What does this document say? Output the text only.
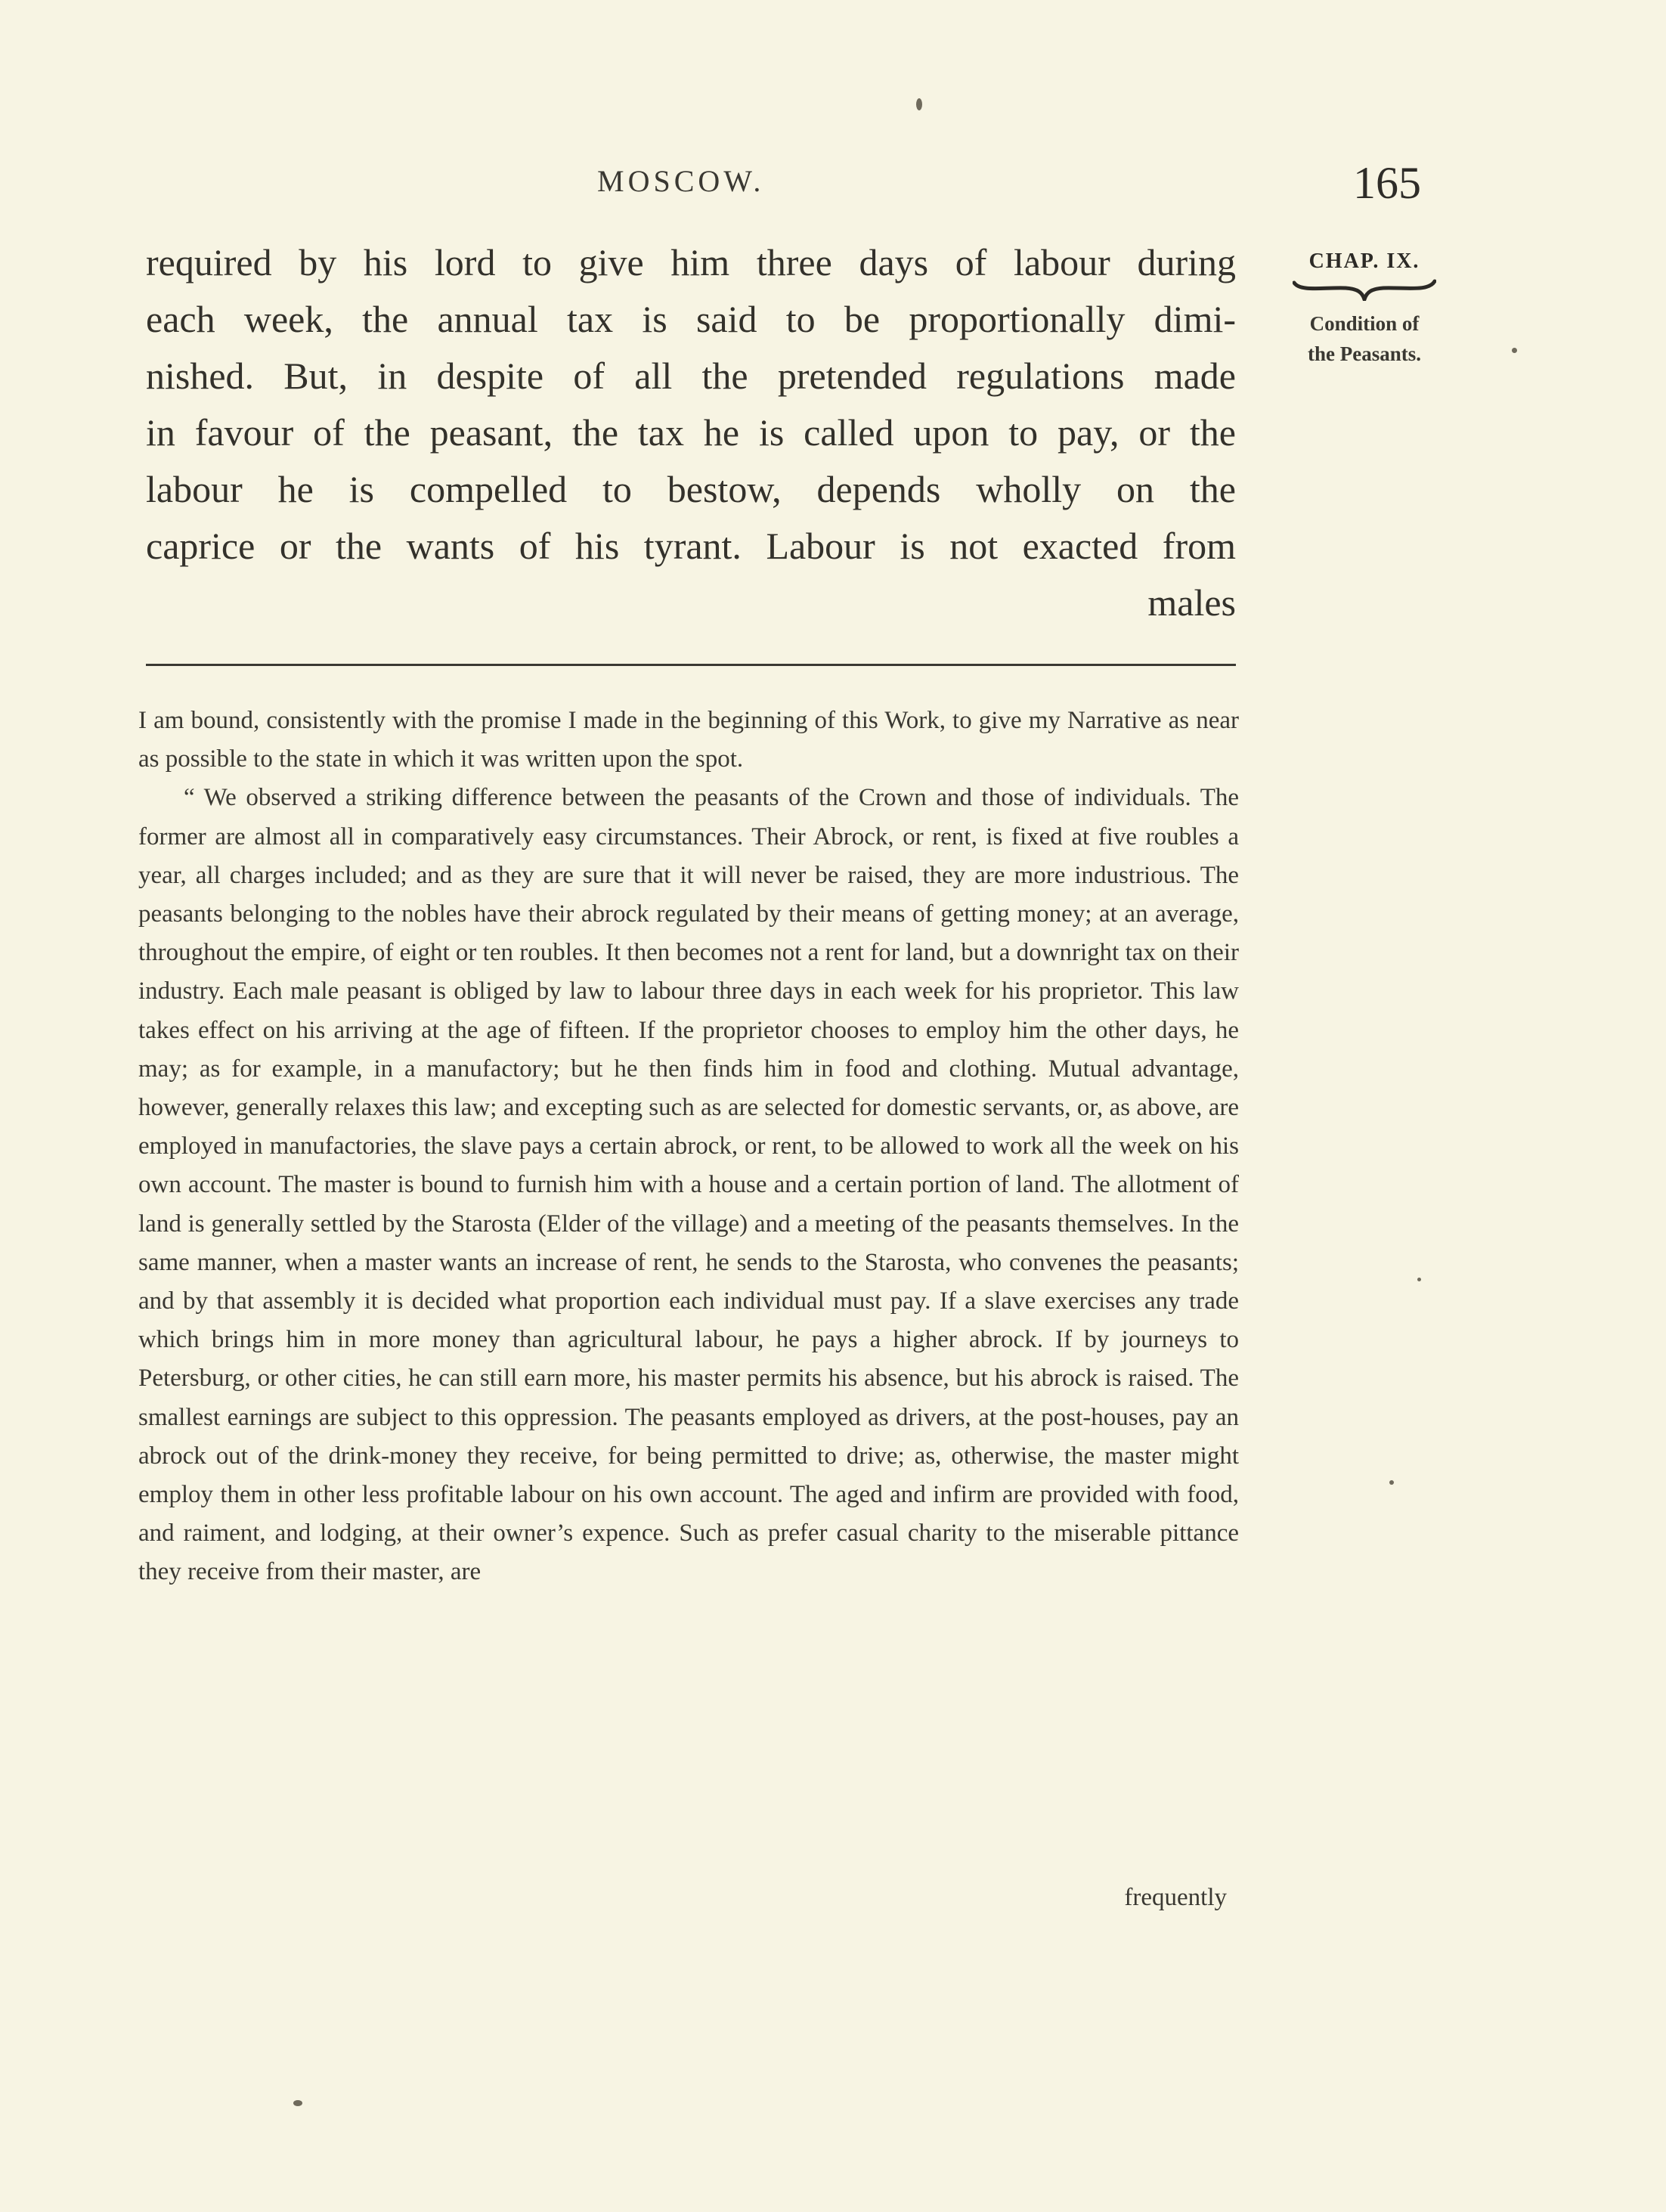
MOSCOW.	165

required by his lord to give him three days of labour during

each week, the annual tax is said to be proportionally dimi-

nished. But, in despite of all the pretended regulations made

in favour of the peasant, the tax he is called upon to pay, or the

labour he is compelled to bestow, depends wholly on the

caprice or the wants of his tyrant. Labour is not exacted from

males
CHAP. IX.
Condition of
the Peasants.

I am bound, consistently with the promise I made in the beginning of this Work, to give my Narrative as near as possible to the state in which it was written upon the spot.

“ We observed a striking difference between the peasants of the Crown and those of individuals. The former are almost all in comparatively easy circumstances. Their Abrock, or rent, is fixed at five roubles a year, all charges included; and as they are sure that it will never be raised, they are more industrious. The peasants belonging to the nobles have their abrock regulated by their means of getting money; at an average, throughout the empire, of eight or ten roubles. It then becomes not a rent for land, but a downright tax on their industry. Each male peasant is obliged by law to labour three days in each week for his proprietor. This law takes effect on his arriving at the age of fifteen. If the proprietor chooses to employ him the other days, he may; as for example, in a manufactory; but he then finds him in food and clothing. Mutual advantage, however, generally relaxes this law; and excepting such as are selected for domestic servants, or, as above, are employed in manufactories, the slave pays a certain abrock, or rent, to be allowed to work all the week on his own account. The master is bound to furnish him with a house and a certain portion of land. The allotment of land is generally settled by the Starosta (Elder of the village) and a meeting of the peasants themselves. In the same manner, when a master wants an increase of rent, he sends to the Starosta, who convenes the peasants; and by that assembly it is decided what proportion each individual must pay. If a slave exercises any trade which brings him in more money than agricultural labour, he pays a higher abrock. If by journeys to Petersburg, or other cities, he can still earn more, his master permits his absence, but his abrock is raised. The smallest earnings are subject to this oppression. The peasants employed as drivers, at the post-houses, pay an abrock out of the drink-money they receive, for being permitted to drive; as, otherwise, the master might employ them in other less profitable labour on his own account. The aged and infirm are provided with food, and raiment, and lodging, at their owner’s expence. Such as prefer casual charity to the miserable pittance they receive from their master, are

frequently
